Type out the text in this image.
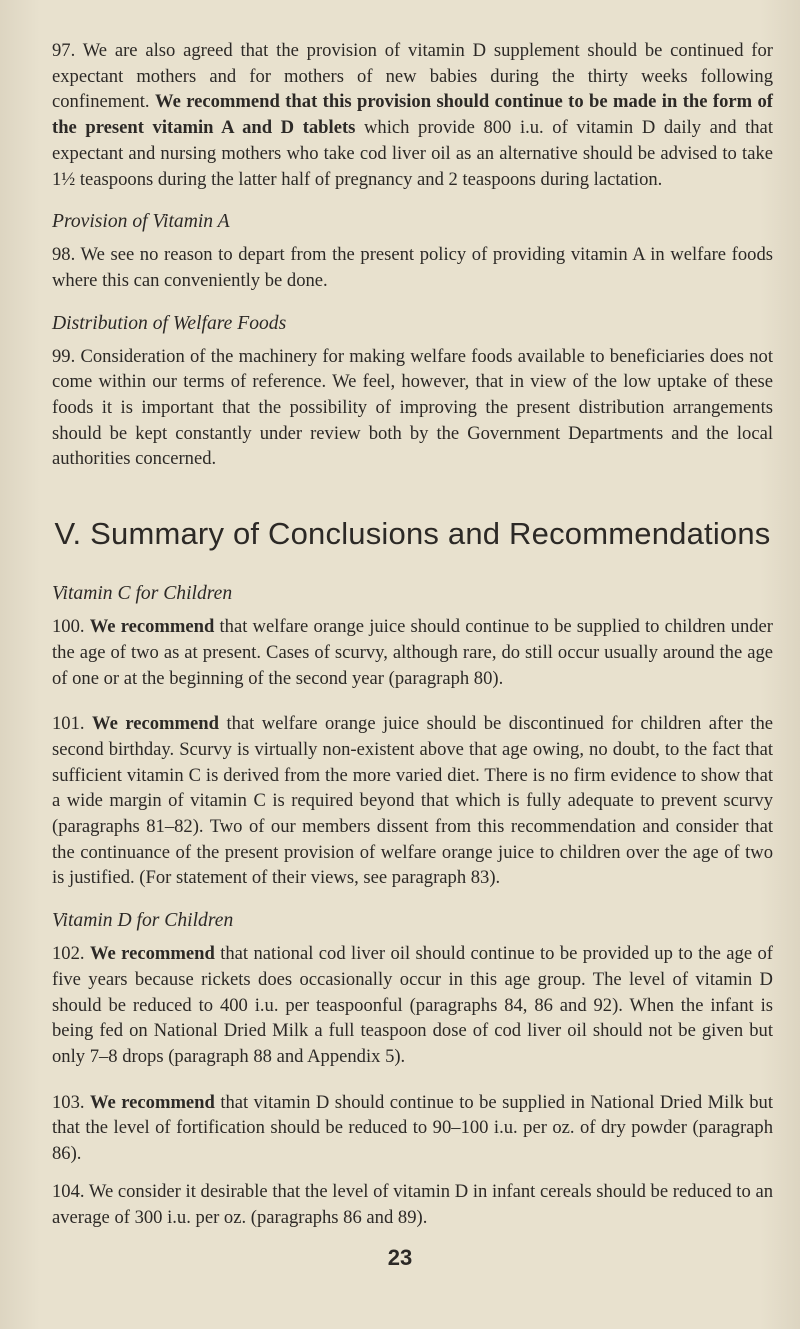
97. We are also agreed that the provision of vitamin D supplement should be continued for expectant mothers and for mothers of new babies during the thirty weeks following confinement. We recommend that this provision should continue to be made in the form of the present vitamin A and D tablets which provide 800 i.u. of vitamin D daily and that expectant and nursing mothers who take cod liver oil as an alternative should be advised to take 1½ teaspoons during the latter half of pregnancy and 2 teaspoons during lactation.

Provision of Vitamin A

98. We see no reason to depart from the present policy of providing vitamin A in welfare foods where this can conveniently be done.

Distribution of Welfare Foods

99. Consideration of the machinery for making welfare foods available to beneficiaries does not come within our terms of reference. We feel, however, that in view of the low uptake of these foods it is important that the possibility of improving the present distribution arrangements should be kept constantly under review both by the Government Departments and the local authorities concerned.

V. Summary of Conclusions and Recommendations
Vitamin C for Children

100. We recommend that welfare orange juice should continue to be supplied to children under the age of two as at present. Cases of scurvy, although rare, do still occur usually around the age of one or at the beginning of the second year (paragraph 80).

101. We recommend that welfare orange juice should be discontinued for children after the second birthday. Scurvy is virtually non-existent above that age owing, no doubt, to the fact that sufficient vitamin C is derived from the more varied diet. There is no firm evidence to show that a wide margin of vitamin C is required beyond that which is fully adequate to prevent scurvy (paragraphs 81–82). Two of our members dissent from this recommendation and consider that the continuance of the present provision of welfare orange juice to children over the age of two is justified. (For statement of their views, see paragraph 83).

Vitamin D for Children

102. We recommend that national cod liver oil should continue to be provided up to the age of five years because rickets does occasionally occur in this age group. The level of vitamin D should be reduced to 400 i.u. per teaspoonful (paragraphs 84, 86 and 92). When the infant is being fed on National Dried Milk a full teaspoon dose of cod liver oil should not be given but only 7–8 drops (paragraph 88 and Appendix 5).

103. We recommend that vitamin D should continue to be supplied in National Dried Milk but that the level of fortification should be reduced to 90–100 i.u. per oz. of dry powder (paragraph 86).

104. We consider it desirable that the level of vitamin D in infant cereals should be reduced to an average of 300 i.u. per oz. (paragraphs 86 and 89).

23
